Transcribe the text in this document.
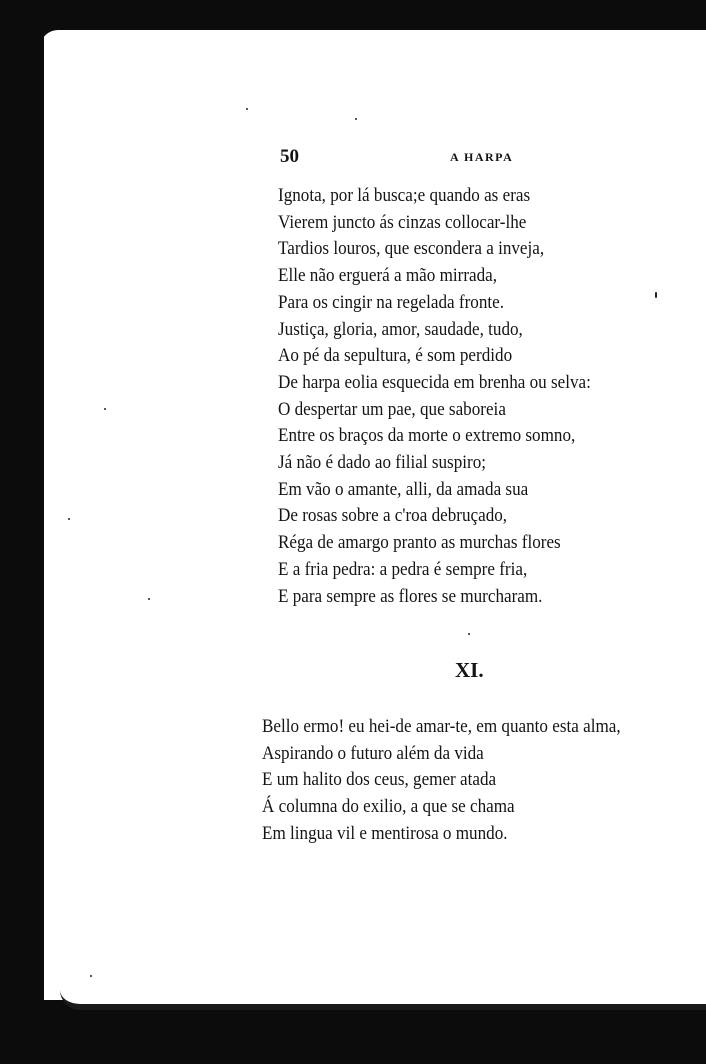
50	A HARPA
Ignota, por lá busca;e quando as eras
Vierem juncto ás cinzas collocar-lhe
Tardios louros, que escondera a inveja,
Elle não erguerá a mão mirrada,
Para os cingir na regelada fronte.
Justiça, gloria, amor, saudade, tudo,
Ao pé da sepultura, é som perdido
De harpa eolia esquecida em brenha ou selva:
O despertar um pae, que saboreia
Entre os braços da morte o extremo somno,
Já não é dado ao filial suspiro;
Em vão o amante, alli, da amada sua
De rosas sobre a c'roa debruçado,
Réga de amargo pranto as murchas flores
E a fria pedra: a pedra é sempre fria,
E para sempre as flores se murcharam.
XI.
Bello ermo! eu hei-de amar-te, em quanto esta alma,
Aspirando o futuro além da vida
E um halito dos ceus, gemer atada
Á columna do exilio, a que se chama
Em lingua vil e mentirosa o mundo.
